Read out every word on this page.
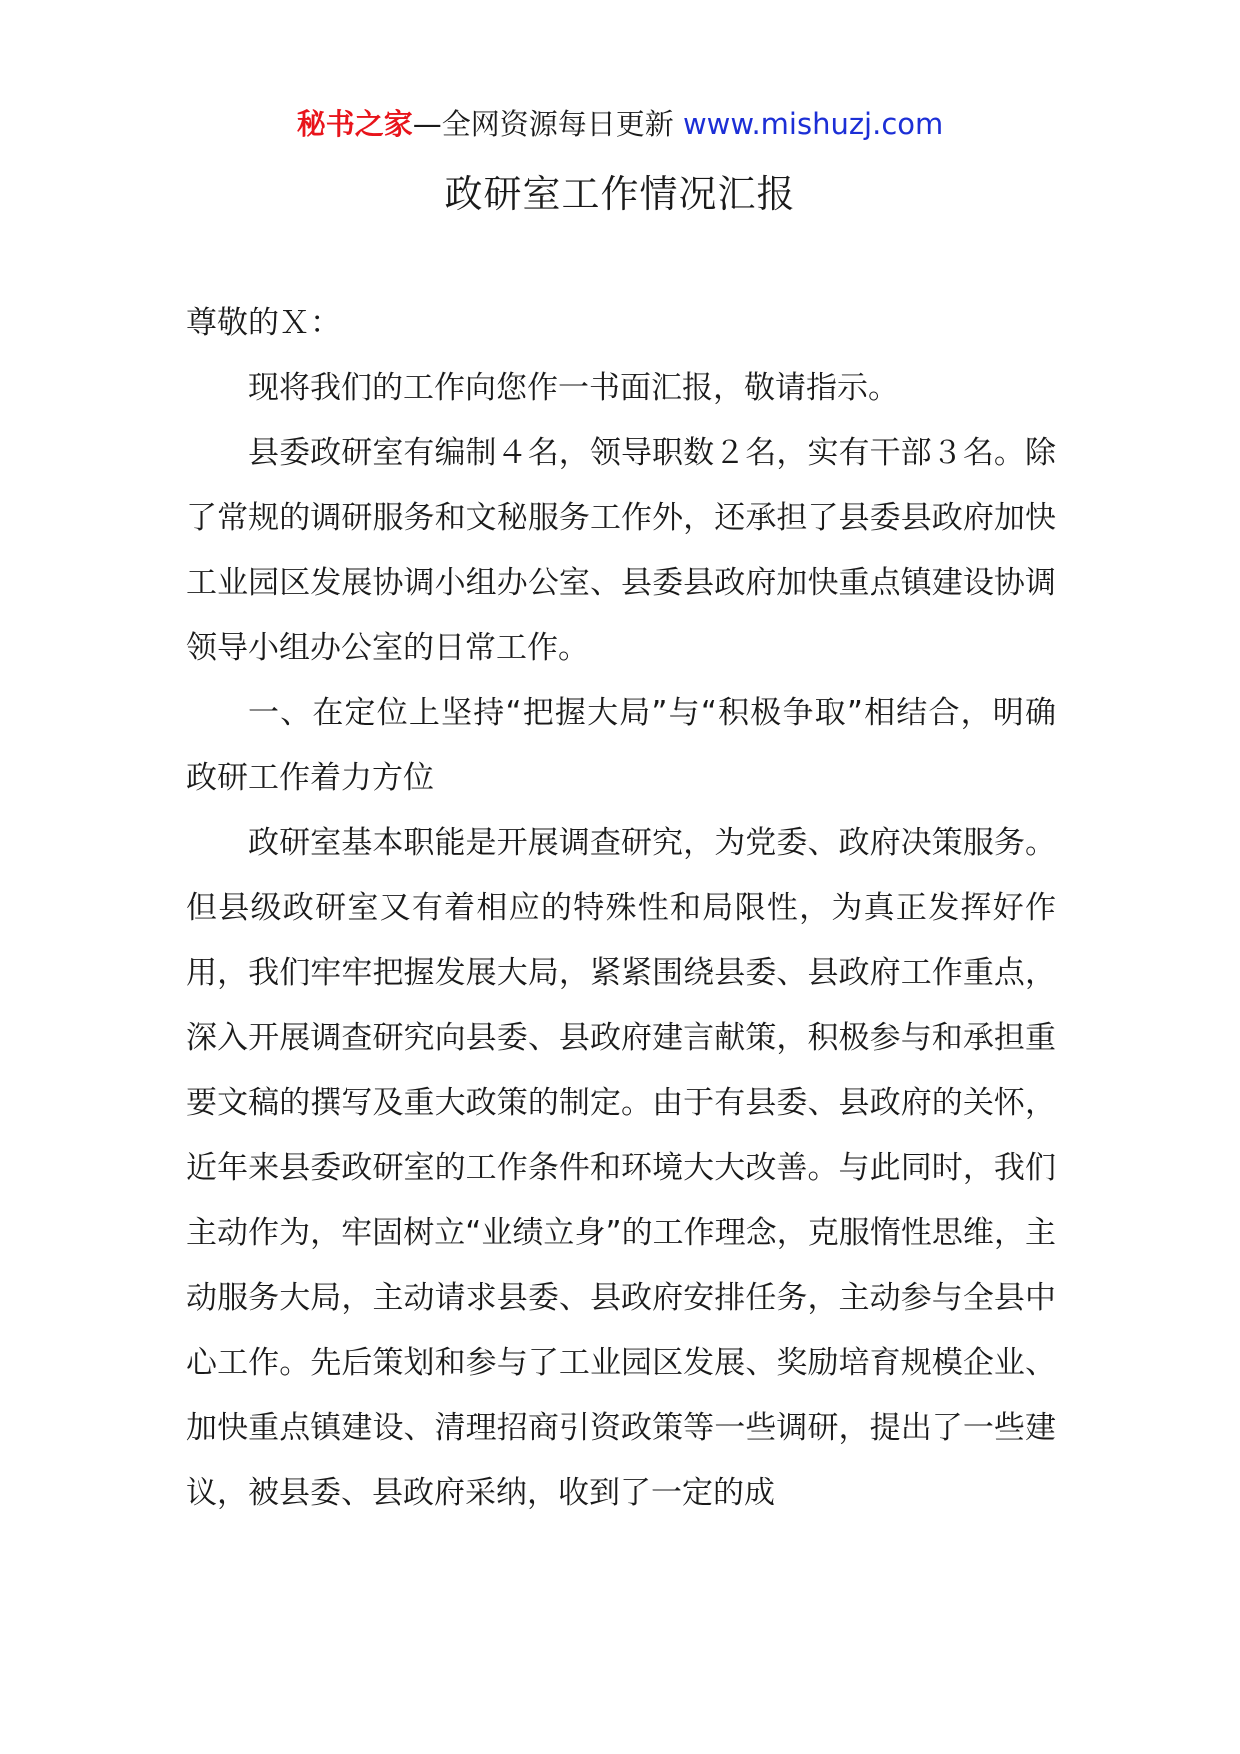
秘书之家—全网资源每日更新 www.mishuzj.com
政研室工作情况汇报

尊敬的Ｘ：

现将我们的工作向您作一书面汇报，敬请指示。

县委政研室有编制４名，领导职数２名，实有干部３名。除了常规的调研服务和文秘服务工作外，还承担了县委县政府加快工业园区发展协调小组办公室、县委县政府加快重点镇建设协调领导小组办公室的日常工作。

一、在定位上坚持“把握大局”与“积极争取”相结合，明确政研工作着力方位

政研室基本职能是开展调查研究，为党委、政府决策服务。但县级政研室又有着相应的特殊性和局限性，为真正发挥好作用，我们牢牢把握发展大局，紧紧围绕县委、县政府工作重点，深入开展调查研究向县委、县政府建言献策，积极参与和承担重要文稿的撰写及重大政策的制定。由于有县委、县政府的关怀，近年来县委政研室的工作条件和环境大大改善。与此同时，我们主动作为，牢固树立“业绩立身”的工作理念，克服惰性思维，主动服务大局，主动请求县委、县政府安排任务，主动参与全县中心工作。先后策划和参与了工业园区发展、奖励培育规模企业、加快重点镇建设、清理招商引资政策等一些调研，提出了一些建议，被县委、县政府采纳，收到了一定的成
